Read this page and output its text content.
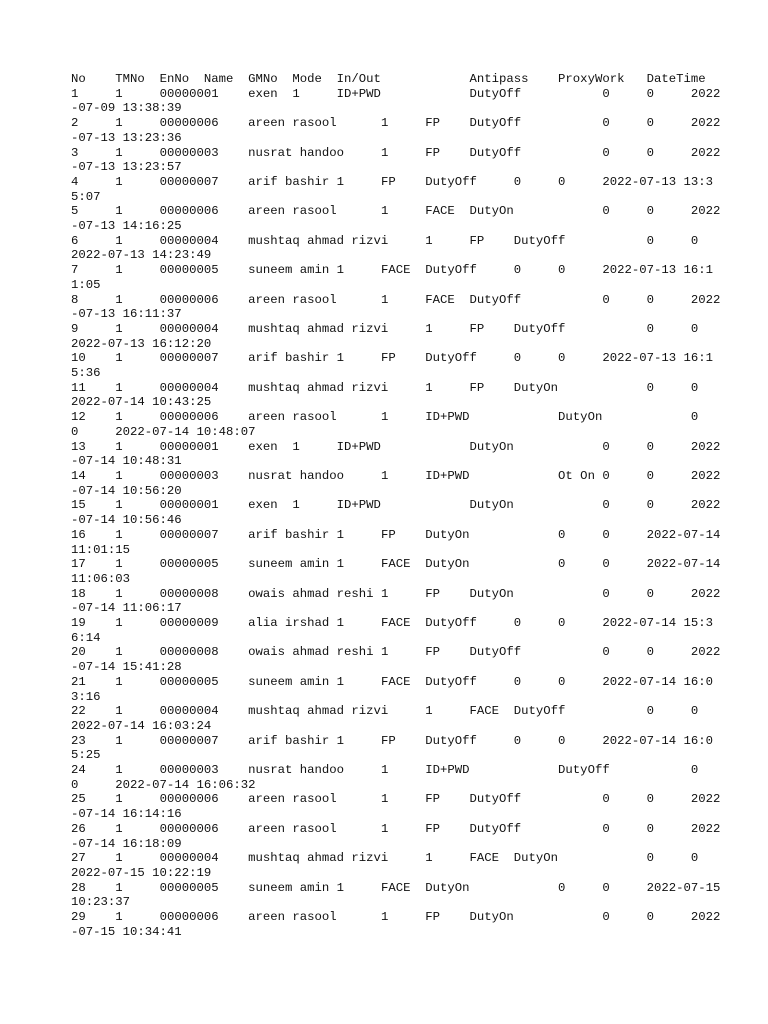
No	TMNo	EnNo	Name	GMNo	Mode	In/Out		Antipass	ProxyWork	DateTime
1	1	00000001	exen	1	ID+PWD		DutyOff		0	0	2022-07-09 13:38:39
2	1	00000006	areen rasool	1	FP	DutyOff		0	0	2022-07-13 13:23:36
3	1	00000003	nusrat handoo	1	FP	DutyOff		0	0	2022-07-13 13:23:57
4	1	00000007	arif bashir	1	FP	DutyOff	0	0	2022-07-13 13:35:07
5	1	00000006	areen rasool	1	FACE	DutyOn		0	0	2022-07-13 14:16:25
6	1	00000004	mushtaq ahmad rizvi	1	FP	DutyOff		0	0	2022-07-13 14:23:49
7	1	00000005	suneem amin	1	FACE	DutyOff	0	0	2022-07-13 16:11:05
8	1	00000006	areen rasool	1	FACE	DutyOff		0	0	2022-07-13 16:11:37
9	1	00000004	mushtaq ahmad rizvi	1	FP	DutyOff		0	0	2022-07-13 16:12:20
10	1	00000007	arif bashir	1	FP	DutyOff	0	0	2022-07-13 16:15:36
11	1	00000004	mushtaq ahmad rizvi	1	FP	DutyOn		0	0	2022-07-14 10:43:25
12	1	00000006	areen rasool	1	ID+PWD		DutyOn		0	0	2022-07-14 10:48:07
13	1	00000001	exen	1	ID+PWD		DutyOn		0	0	2022-07-14 10:48:31
14	1	00000003	nusrat handoo	1	ID+PWD		Ot On	0	0	2022-07-14 10:56:20
15	1	00000001	exen	1	ID+PWD		DutyOn		0	0	2022-07-14 10:56:46
16	1	00000007	arif bashir	1	FP	DutyOn		0	0	2022-07-14 11:01:15
17	1	00000005	suneem amin	1	FACE	DutyOn		0	0	2022-07-14 11:06:03
18	1	00000008	owais ahmad reshi	1	FP	DutyOn		0	0	2022-07-14 11:06:17
19	1	00000009	alia irshad	1	FACE	DutyOff	0	0	2022-07-14 15:36:14
20	1	00000008	owais ahmad reshi	1	FP	DutyOff		0	0	2022-07-14 15:41:28
21	1	00000005	suneem amin	1	FACE	DutyOff	0	0	2022-07-14 16:03:16
22	1	00000004	mushtaq ahmad rizvi	1	FACE	DutyOff		0	0	2022-07-14 16:03:24
23	1	00000007	arif bashir	1	FP	DutyOff	0	0	2022-07-14 16:05:25
24	1	00000003	nusrat handoo	1	ID+PWD		DutyOff		0	0	2022-07-14 16:06:32
25	1	00000006	areen rasool	1	FP	DutyOff		0	0	2022-07-14 16:14:16
26	1	00000006	areen rasool	1	FP	DutyOff		0	0	2022-07-14 16:18:09
27	1	00000004	mushtaq ahmad rizvi	1	FACE	DutyOn		0	0	2022-07-15 10:22:19
28	1	00000005	suneem amin	1	FACE	DutyOn		0	0	2022-07-15 10:23:37
29	1	00000006	areen rasool	1	FP	DutyOn		0	0	2022-07-15 10:34:41
